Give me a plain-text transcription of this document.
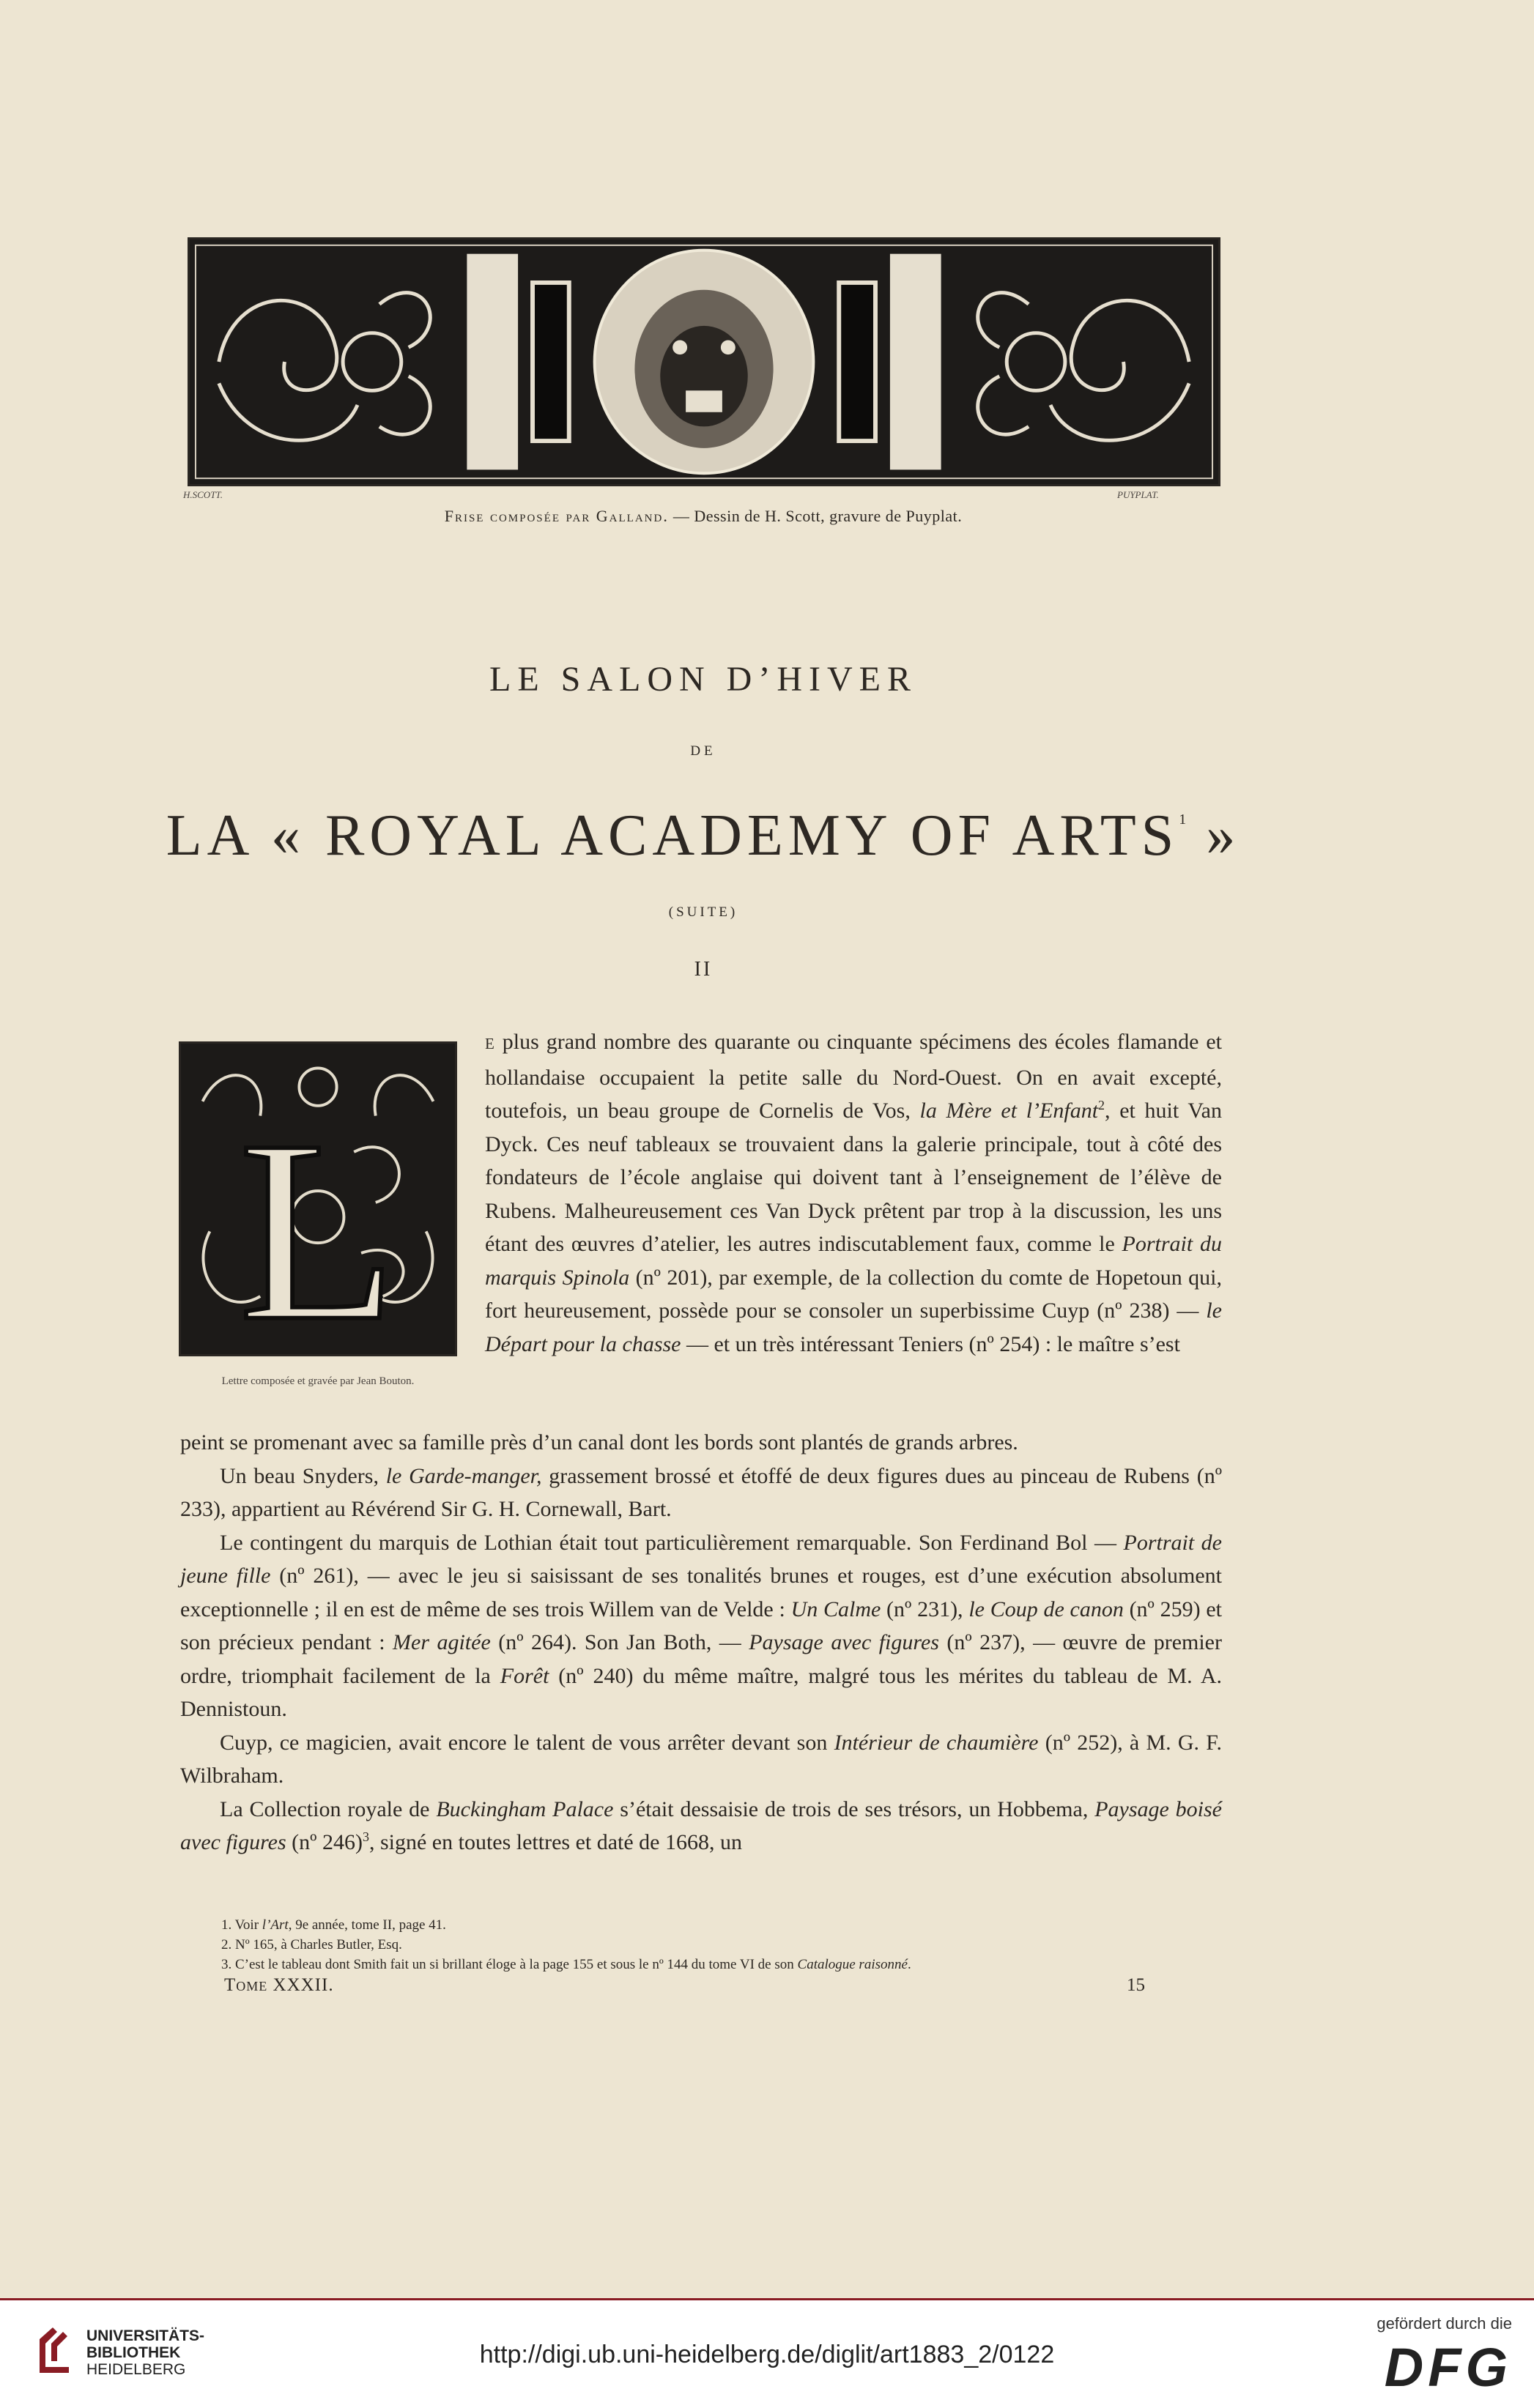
H.SCOTT.	PUYPLAT.
Frise composée par Galland. — Dessin de H. Scott, gravure de Puyplat.
LE SALON D’HIVER
DE
LA « ROYAL ACADEMY OF ARTS$^1$ »
(SUITE)
II
L
Lettre composée et gravée par Jean Bouton.

E plus grand nombre des quarante ou cinquante spécimens des écoles flamande et hollandaise occupaient la petite salle du Nord-Ouest. On en avait excepté, toutefois, un beau groupe de Cornelis de Vos, la Mère et l’Enfant$^2$, et huit Van Dyck. Ces neuf tableaux se trouvaient dans la galerie principale, tout à côté des fondateurs de l’école anglaise qui doivent tant à l’enseignement de l’élève de Rubens. Malheureusement ces Van Dyck prêtent par trop à la discussion, les uns étant des œuvres d’atelier, les autres indiscutablement faux, comme le Portrait du marquis Spinola (nº 201), par exemple, de la collection du comte de Hopetoun qui, fort heureusement, possède pour se consoler un superbissime Cuyp (nº 238) — le Départ pour la chasse — et un très intéressant Teniers (nº 254) : le maître s’est

peint se promenant avec sa famille près d’un canal dont les bords sont plantés de grands arbres.

Un beau Snyders, le Garde-manger, grassement brossé et étoffé de deux figures dues au pinceau de Rubens (nº 233), appartient au Révérend Sir G. H. Cornewall, Bart.

Le contingent du marquis de Lothian était tout particulièrement remarquable. Son Ferdinand Bol — Portrait de jeune fille (nº 261), — avec le jeu si saisissant de ses tonalités brunes et rouges, est d’une exécution absolument exceptionnelle ; il en est de même de ses trois Willem van de Velde : Un Calme (nº 231), le Coup de canon (nº 259) et son précieux pendant : Mer agitée (nº 264). Son Jan Both, — Paysage avec figures (nº 237), — œuvre de premier ordre, triomphait facilement de la Forêt (nº 240) du même maître, malgré tous les mérites du tableau de M. A. Dennistoun.

Cuyp, ce magicien, avait encore le talent de vous arrêter devant son Intérieur de chaumière (nº 252), à M. G. F. Wilbraham.

La Collection royale de Buckingham Palace s’était dessaisie de trois de ses trésors, un Hobbema, Paysage boisé avec figures (nº 246)$^3$, signé en toutes lettres et daté de 1668, un

1. Voir l’Art, 9e année, tome II, page 41.
2. Nº 165, à Charles Butler, Esq.
3. C’est le tableau dont Smith fait un si brillant éloge à la page 155 et sous le nº 144 du tome VI de son Catalogue raisonné.
Tome XXXII.	15
UNIVERSITÄTS-
BIBLIOTHEK
HEIDELBERG
http://digi.ub.uni-heidelberg.de/diglit/art1883_2/0122
gefördert durch die
DFG
